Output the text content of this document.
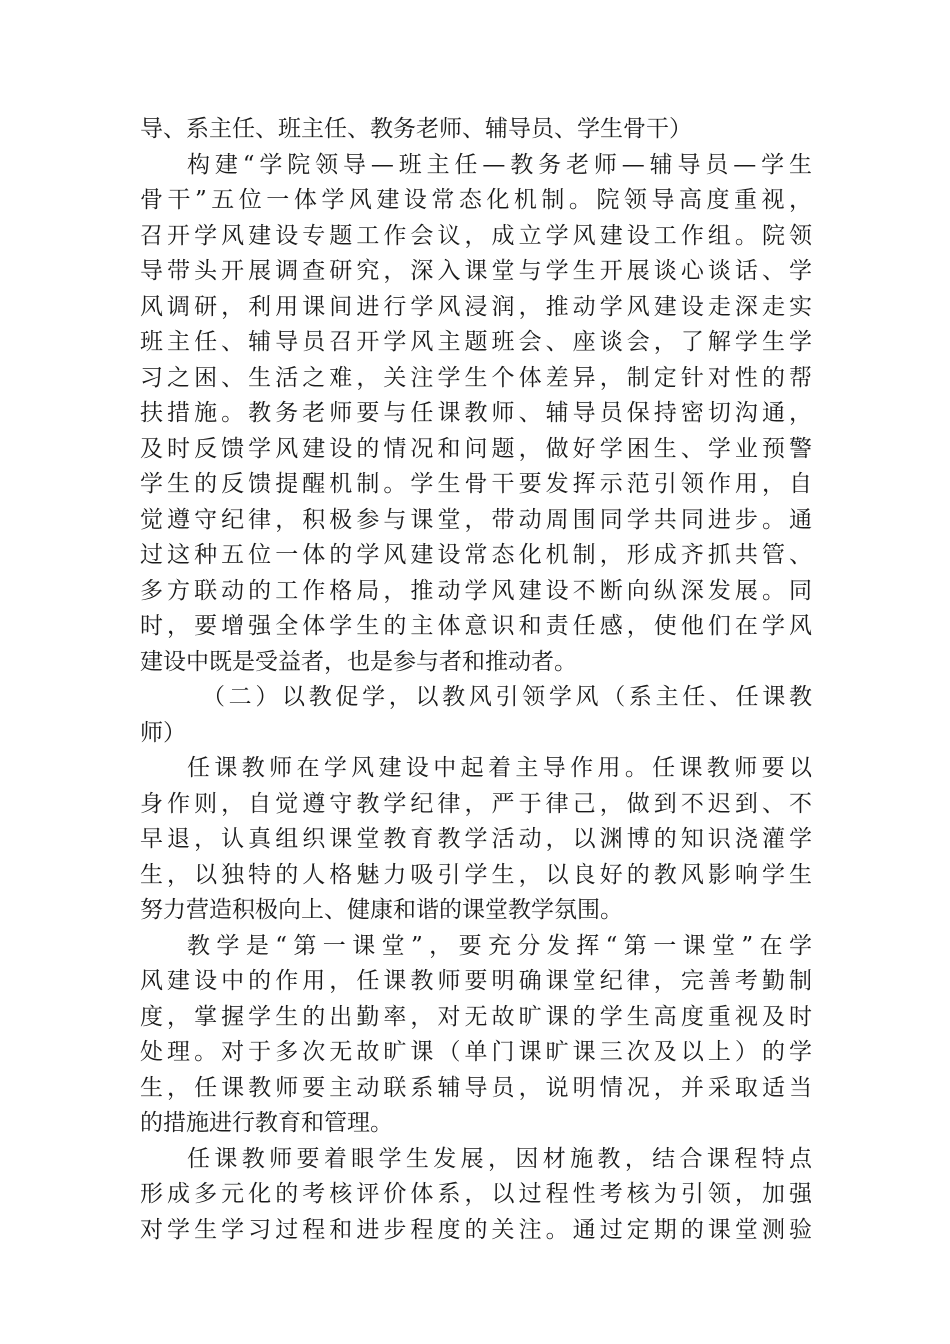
导、系主任、班主任、教务老师、辅导员、学生骨干）
构建“学院领导—班主任—教务老师—辅导员—学生
骨干”五位一体学风建设常态化机制。院领导高度重视，
召开学风建设专题工作会议，成立学风建设工作组。院领
导带头开展调查研究，深入课堂与学生开展谈心谈话、学
风调研，利用课间进行学风浸润，推动学风建设走深走实
班主任、辅导员召开学风主题班会、座谈会，了解学生学
习之困、生活之难，关注学生个体差异，制定针对性的帮
扶措施。教务老师要与任课教师、辅导员保持密切沟通，
及时反馈学风建设的情况和问题，做好学困生、学业预警
学生的反馈提醒机制。学生骨干要发挥示范引领作用，自
觉遵守纪律，积极参与课堂，带动周围同学共同进步。通
过这种五位一体的学风建设常态化机制，形成齐抓共管、
多方联动的工作格局，推动学风建设不断向纵深发展。同
时，要增强全体学生的主体意识和责任感，使他们在学风
建设中既是受益者，也是参与者和推动者。
（二）以教促学，以教风引领学风（系主任、任课教
师）
任课教师在学风建设中起着主导作用。任课教师要以
身作则，自觉遵守教学纪律，严于律己，做到不迟到、不
早退，认真组织课堂教育教学活动，以渊博的知识浇灌学
生，以独特的人格魅力吸引学生，以良好的教风影响学生
努力营造积极向上、健康和谐的课堂教学氛围。
教学是“第一课堂”，要充分发挥“第一课堂”在学
风建设中的作用，任课教师要明确课堂纪律，完善考勤制
度，掌握学生的出勤率，对无故旷课的学生高度重视及时
处理。对于多次无故旷课（单门课旷课三次及以上）的学
生，任课教师要主动联系辅导员，说明情况，并采取适当
的措施进行教育和管理。
任课教师要着眼学生发展，因材施教，结合课程特点
形成多元化的考核评价体系，以过程性考核为引领，加强
对学生学习过程和进步程度的关注。通过定期的课堂测验
